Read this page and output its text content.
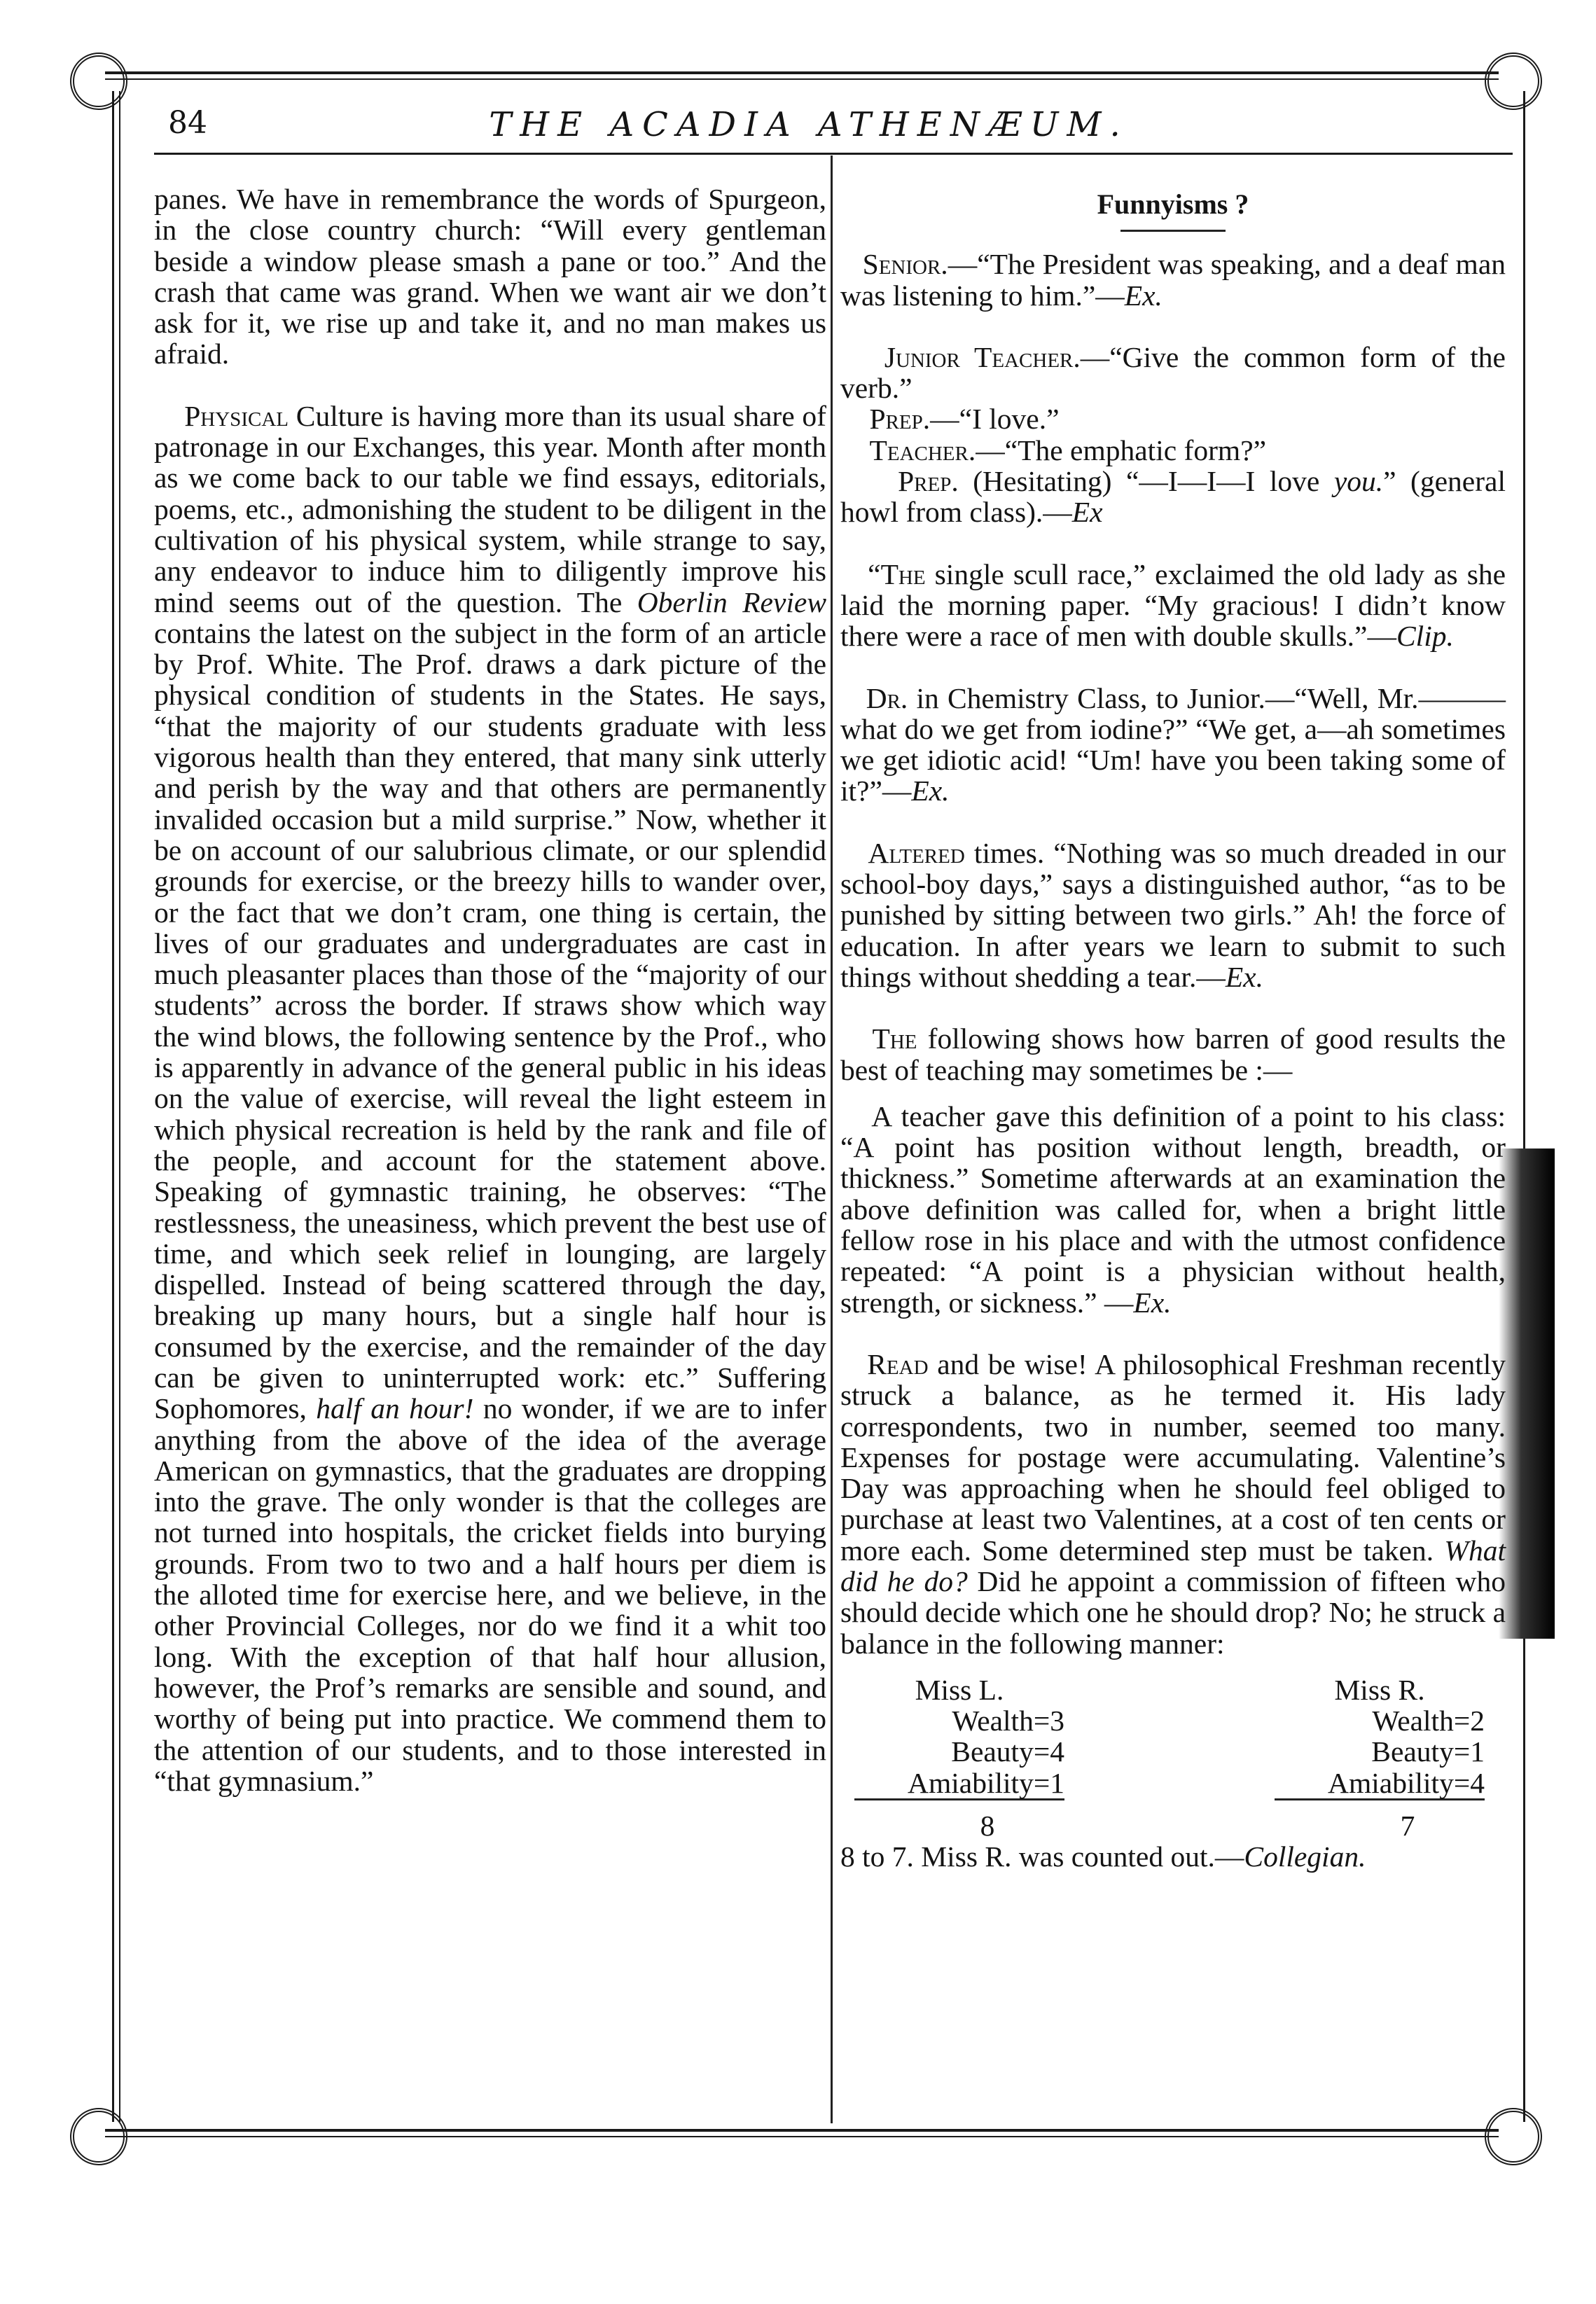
84	THE ACADIA ATHENÆUM.

panes. We have in remembrance the words of Spurgeon, in the close country church: “Will every gentleman beside a window please smash a pane or too.” And the crash that came was grand. When we want air we don’t ask for it, we rise up and take it, and no man makes us afraid.

Physical Culture is having more than its usual share of patronage in our Exchanges, this year. Month after month as we come back to our table we find essays, editorials, poems, etc., admonishing the student to be diligent in the cultivation of his physical system, while strange to say, any endeavor to induce him to diligently improve his mind seems out of the question. The Oberlin Review contains the latest on the subject in the form of an article by Prof. White. The Prof. draws a dark picture of the physical condition of students in the States. He says, “that the majority of our students graduate with less vigorous health than they entered, that many sink utterly and perish by the way and that others are permanently invalided occasion but a mild surprise.” Now, whether it be on account of our salubrious climate, or our splendid grounds for exercise, or the breezy hills to wander over, or the fact that we don’t cram, one thing is certain, the lives of our graduates and undergraduates are cast in much pleasanter places than those of the “majority of our students” across the border. If straws show which way the wind blows, the following sentence by the Prof., who is apparently in advance of the general public in his ideas on the value of exercise, will reveal the light esteem in which physical recreation is held by the rank and file of the people, and account for the statement above. Speaking of gymnastic training, he observes: “The restlessness, the uneasiness, which prevent the best use of time, and which seek relief in lounging, are largely dispelled. Instead of being scattered through the day, breaking up many hours, but a single half hour is consumed by the exercise, and the remainder of the day can be given to uninterrupted work: etc.” Suffering Sophomores, half an hour! no wonder, if we are to infer anything from the above of the idea of the average American on gymnastics, that the graduates are dropping into the grave. The only wonder is that the colleges are not turned into hospitals, the cricket fields into burying grounds. From two to two and a half hours per diem is the alloted time for exercise here, and we believe, in the other Provincial Colleges, nor do we find it a whit too long. With the exception of that half hour allusion, however, the Prof’s remarks are sensible and sound, and worthy of being put into practice. We commend them to the attention of our students, and to those interested in “that gymnasium.”

Funnyisms ?

Senior.—“The President was speaking, and a deaf man was listening to him.”—Ex.

Junior Teacher.—“Give the common form of the verb.”

Prep.—“I love.”

Teacher.—“The emphatic form?”

Prep. (Hesitating) “—I—I—I love you.” (general howl from class).—Ex

“The single scull race,” exclaimed the old lady as she laid the morning paper. “My gracious! I didn’t know there were a race of men with double skulls.”—Clip.

Dr. in Chemistry Class, to Junior.—“Well, Mr.———what do we get from iodine?” “We get, a—ah sometimes we get idiotic acid! “Um! have you been taking some of it?”—Ex.

Altered times. “Nothing was so much dreaded in our school-boy days,” says a distinguished author, “as to be punished by sitting between two girls.” Ah! the force of education. In after years we learn to submit to such things without shedding a tear.—Ex.

The following shows how barren of good results the best of teaching may sometimes be :—

A teacher gave this definition of a point to his class: “A point has position without length, breadth, or thickness.” Sometime afterwards at an examination the above definition was called for, when a bright little fellow rose in his place and with the utmost confidence repeated: “A point is a physician without health, strength, or sickness.” —Ex.

Read and be wise! A philosophical Freshman recently struck a balance, as he termed it. His lady correspondents, two in number, seemed too many. Expenses for postage were accumulating. Valentine’s Day was approaching when he should feel obliged to purchase at least two Valentines, at a cost of ten cents or more each. Some determined step must be taken. What did he do? Did he appoint a commission of fifteen who should decide which one he should drop? No; he struck a balance in the following manner:

Miss L.
Wealth=3
Beauty=4
Amiability=1
8
Miss R.
Wealth=2
Beauty=1
Amiability=4
7

8 to 7. Miss R. was counted out.—Collegian.
